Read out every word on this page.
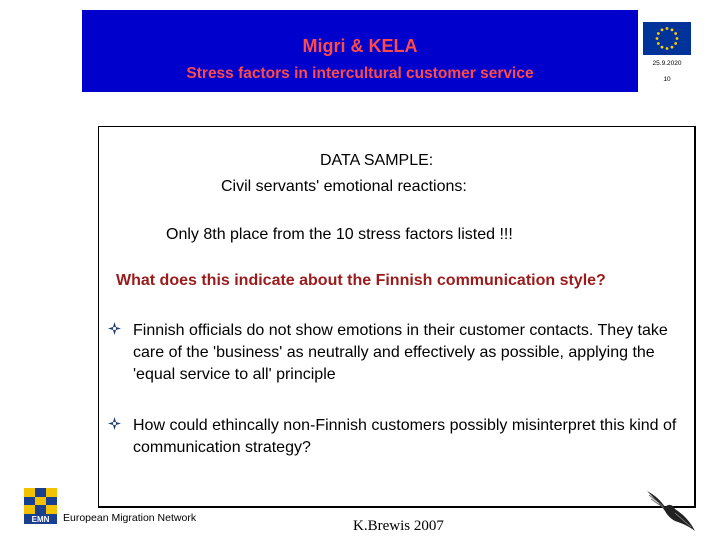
Migri & KELA
Stress factors in intercultural customer service
25.9.2020
10
DATA SAMPLE:
Civil servants' emotional reactions:
Only 8th place from the 10 stress factors listed !!!
What does this indicate about the Finnish communication style?
Finnish officials do not show emotions in their customer contacts. They take care of the 'business' as neutrally and effectively as possible, applying the 'equal service to all' principle
How could ethincally non-Finnish customers possibly misinterpret this kind of communication strategy?
EMN European Migration Network	K.Brewis 2007
